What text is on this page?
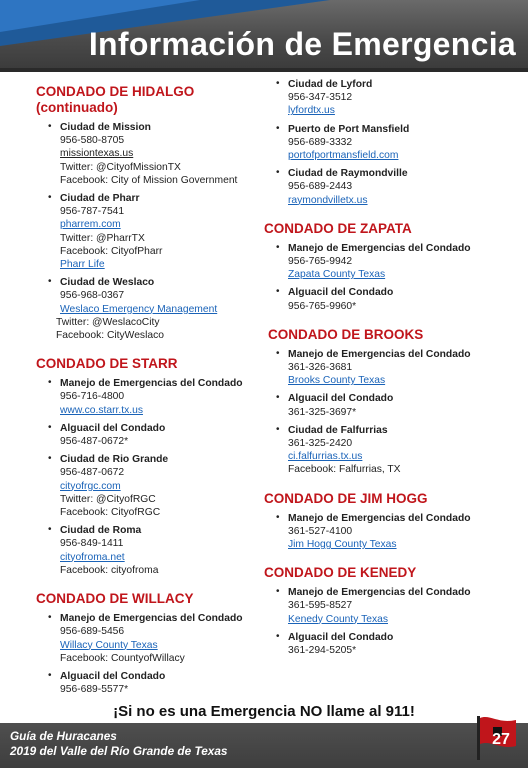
Información de Emergencia
CONDADO DE HIDALGO
(continuado)
• Ciudad de Mission
956-580-8705
missiontexas.us
Twitter: @CityofMissionTX
Facebook: City of Mission Government
• Ciudad de Pharr
956-787-7541
pharrem.com
Twitter: @PharrTX
Facebook: CityofPharr
Pharr Life
• Ciudad de Weslaco
956-968-0367
Weslaco Emergency Management
Twitter: @WeslacoCity
Facebook: CityWeslaco
CONDADO DE STARR
• Manejo de Emergencias del Condado
956-716-4800
www.co.starr.tx.us
• Alguacil del Condado
956-487-0672*
• Ciudad de Rio Grande
956-487-0672
cityofrgc.com
Twitter: @CityofRGC
Facebook: CityofRGC
• Ciudad de Roma
956-849-1411
cityofroma.net
Facebook: cityofroma
CONDADO DE WILLACY
• Manejo de Emergencias del Condado
956-689-5456
Willacy County Texas
Facebook: CountyofWillacy
• Alguacil del Condado
956-689-5577*
• Ciudad de Lyford
956-347-3512
lyfordtx.us
• Puerto de Port Mansfield
956-689-3332
portofportmansfield.com
• Ciudad de Raymondville
956-689-2443
raymondvilletx.us
CONDADO DE ZAPATA
• Manejo de Emergencias del Condado
956-765-9942
Zapata County Texas
• Alguacil del Condado
956-765-9960*
CONDADO DE BROOKS
• Manejo de Emergencias del Condado
361-326-3681
Brooks County Texas
• Alguacil del Condado
361-325-3697*
• Ciudad de Falfurrias
361-325-2420
ci.falfurrias.tx.us
Facebook: Falfurrias, TX
CONDADO DE JIM HOGG
• Manejo de Emergencias del Condado
361-527-4100
Jim Hogg County Texas
CONDADO DE KENEDY
• Manejo de Emergencias del Condado
361-595-8527
Kenedy County Texas
• Alguacil del Condado
361-294-5205*
¡Si no es una Emergencia NO llame al 911!
Guía de Huracanes
2019 del Valle del Río Grande de Texas
27
